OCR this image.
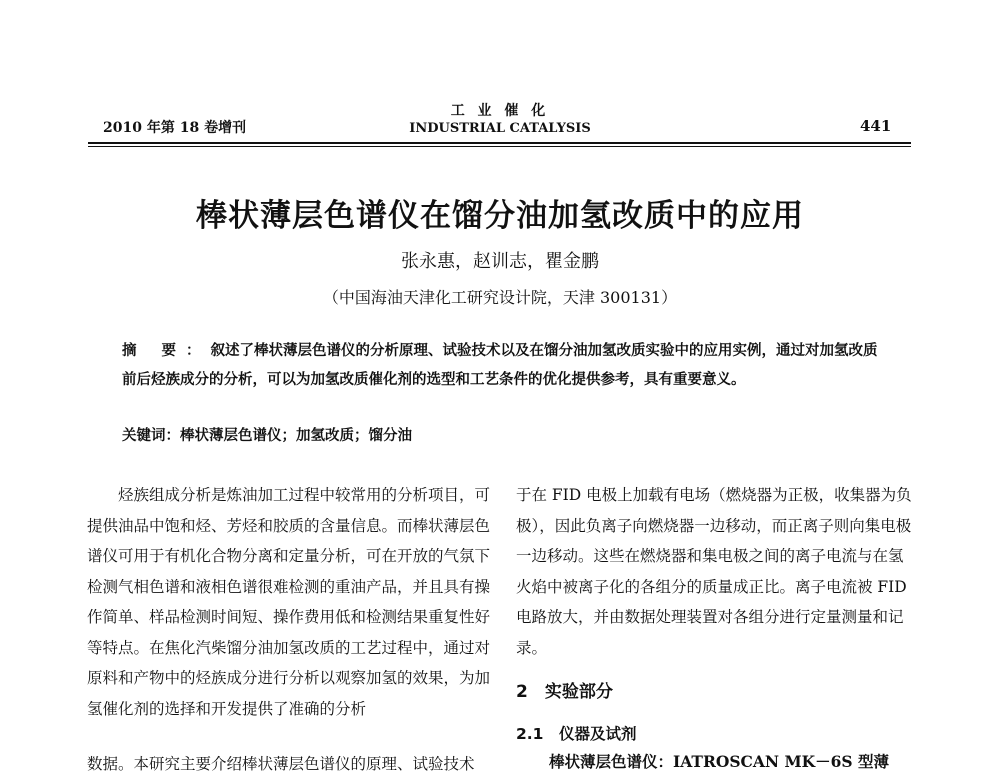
2010 年第 18 卷增刊
工 业 催 化
INDUSTRIAL CATALYSIS	441
棒状薄层色谱仪在馏分油加氢改质中的应用
张永惠，赵训志，瞿金鹏
（中国海油天津化工研究设计院，天津 300131）
摘 要：叙述了棒状薄层色谱仪的分析原理、试验技术以及在馏分油加氢改质实验中的应用实例，通过对加氢改质前后烃族成分的分析，可以为加氢改质催化剂的选型和工艺条件的优化提供参考，具有重要意义。
关键词：棒状薄层色谱仪；加氢改质；馏分油

烃族组成分析是炼油加工过程中较常用的分析项目，可提供油品中饱和烃、芳烃和胶质的含量信息。而棒状薄层色谱仪可用于有机化合物分离和定量分析，可在开放的气氛下检测气相色谱和液相色谱很难检测的重油产品，并且具有操作简单、样品检测时间短、操作费用低和检测结果重复性好等特点。在焦化汽柴馏分油加氢改质的工艺过程中，通过对原料和产物中的烃族成分进行分析以观察加氢的效果，为加氢催化剂的选择和开发提供了准确的分析

数据。本研究主要介绍棒状薄层色谱仪的原理、试验技术

于在 FID 电极上加载有电场（燃烧器为正极，收集器为负极），因此负离子向燃烧器一边移动，而正离子则向集电极一边移动。这些在燃烧器和集电极之间的离子电流与在氢火焰中被离子化的各组分的质量成正比。离子电流被 FID 电路放大，并由数据处理装置对各组分进行定量测量和记录。

2　实验部分
2.1　仪器及试剂
棒状薄层色谱仪：IATROSCAN MK－6S 型薄
